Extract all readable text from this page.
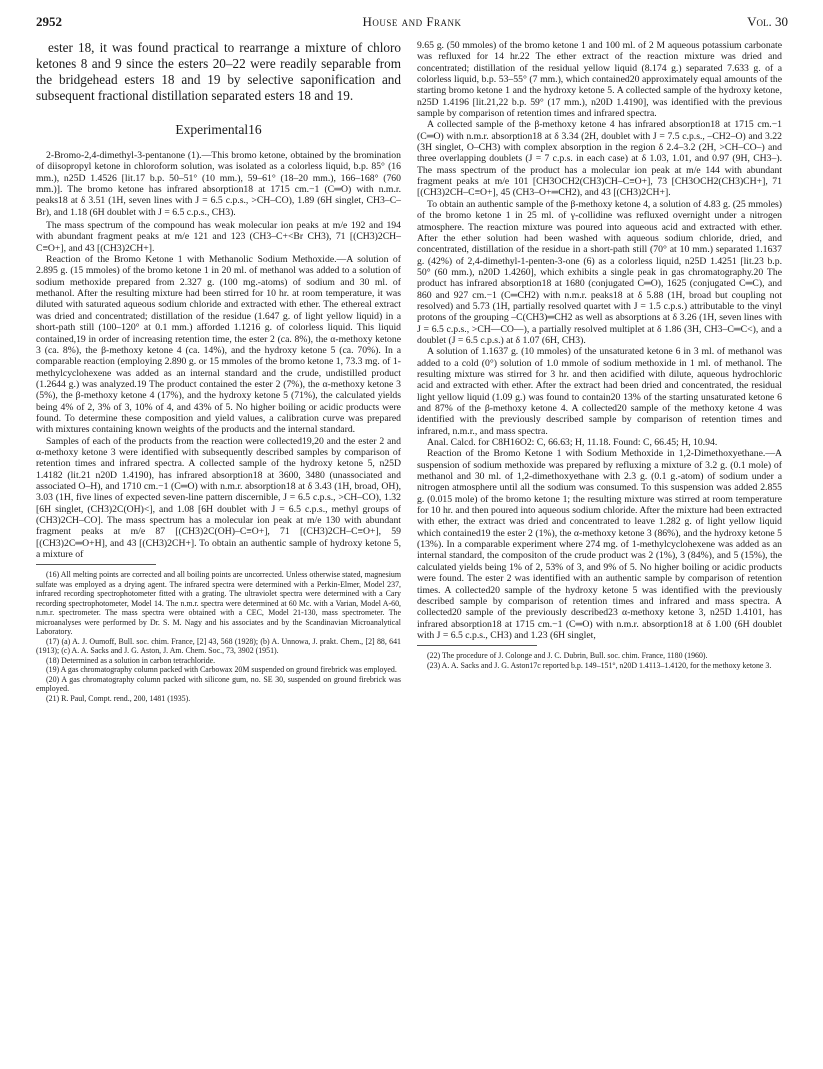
2952	House and Frank	Vol. 30

ester 18, it was found practical to rearrange a mixture of chloro ketones 8 and 9 since the esters 20–22 were readily separable from the bridgehead esters 18 and 19 by selective saponification and subsequent fractional distillation separated esters 18 and 19.

Experimental16

2-Bromo-2,4-dimethyl-3-pentanone (1).—This bromo ketone, obtained by the bromination of diisopropyl ketone in chloroform solution, was isolated as a colorless liquid, b.p. 85° (16 mm.), n25D 1.4526 [lit.17 b.p. 50–51° (10 mm.), 59–61° (18–20 mm.), 166–168° (760 mm.)]. The bromo ketone has infrared absorption18 at 1715 cm.−1 (C═O) with n.m.r. peaks18 at δ 3.51 (1H, seven lines with J = 6.5 c.p.s., >CH–CO), 1.89 (6H singlet, CH3–C–Br), and 1.18 (6H doublet with J = 6.5 c.p.s., CH3).

The mass spectrum of the compound has weak molecular ion peaks at m/e 192 and 194 with abundant fragment peaks at m/e 121 and 123 (CH3–C+<Br CH3), 71 [(CH3)2CH–C≡O+], and 43 [(CH3)2CH+].

Reaction of the Bromo Ketone 1 with Methanolic Sodium Methoxide.—A solution of 2.895 g. (15 mmoles) of the bromo ketone 1 in 20 ml. of methanol was added to a solution of sodium methoxide prepared from 2.327 g. (100 mg.-atoms) of sodium and 30 ml. of methanol. After the resulting mixture had been stirred for 10 hr. at room temperature, it was diluted with saturated aqueous sodium chloride and extracted with ether. The ethereal extract was dried and concentrated; distillation of the residue (1.647 g. of light yellow liquid) in a short-path still (100–120° at 0.1 mm.) afforded 1.1216 g. of colorless liquid. This liquid contained,19 in order of increasing retention time, the ester 2 (ca. 8%), the α-methoxy ketone 3 (ca. 8%), the β-methoxy ketone 4 (ca. 14%), and the hydroxy ketone 5 (ca. 70%). In a comparable reaction (employing 2.890 g. or 15 mmoles of the bromo ketone 1, 73.3 mg. of 1-methylcyclohexene was added as an internal standard and the crude, undistilled product (1.2644 g.) was analyzed.19 The product contained the ester 2 (7%), the α-methoxy ketone 3 (5%), the β-methoxy ketone 4 (17%), and the hydroxy ketone 5 (71%), the calculated yields being 4% of 2, 3% of 3, 10% of 4, and 43% of 5. No higher boiling or acidic products were found. To determine these composition and yield values, a calibration curve was prepared with mixtures containing known weights of the products and the internal standard.

Samples of each of the products from the reaction were collected19,20 and the ester 2 and α-methoxy ketone 3 were identified with subsequently described samples by comparison of retention times and infrared spectra. A collected sample of the hydroxy ketone 5, n25D 1.4182 (lit.21 n20D 1.4190), has infrared absorption18 at 3600, 3480 (unassociated and associated O–H), and 1710 cm.−1 (C═O) with n.m.r. absorption18 at δ 3.43 (1H, broad, OH), 3.03 (1H, five lines of expected seven-line pattern discernible, J = 6.5 c.p.s., >CH–CO), 1.32 [6H singlet, (CH3)2C(OH)<], and 1.08 [6H doublet with J = 6.5 c.p.s., methyl groups of (CH3)2CH–CO]. The mass spectrum has a molecular ion peak at m/e 130 with abundant fragment peaks at m/e 87 [(CH3)2C(OH)–C≡O+], 71 [(CH3)2CH–C≡O+], 59 [(CH3)2C═O+H], and 43 [(CH3)2CH+]. To obtain an authentic sample of hydroxy ketone 5, a mixture of

(16) All melting points are corrected and all boiling points are uncorrected. Unless otherwise stated, magnesium sulfate was employed as a drying agent. The infrared spectra were determined with a Perkin-Elmer, Model 237, infrared recording spectrophotometer fitted with a grating. The ultraviolet spectra were determined with a Cary recording spectrophotometer, Model 14. The n.m.r. spectra were determined at 60 Mc. with a Varian, Model A-60, n.m.r. spectrometer. The mass spectra were obtained with a CEC, Model 21-130, mass spectrometer. The microanalyses were performed by Dr. S. M. Nagy and his associates and by the Scandinavian Microanalytical Laboratory.

(17) (a) A. J. Oumoff, Bull. soc. chim. France, [2] 43, 568 (1928); (b) A. Unnowa, J. prakt. Chem., [2] 88, 641 (1913); (c) A. A. Sacks and J. G. Aston, J. Am. Chem. Soc., 73, 3902 (1951).

(18) Determined as a solution in carbon tetrachloride.

(19) A gas chromatography column packed with Carbowax 20M suspended on ground firebrick was employed.

(20) A gas chromatography column packed with silicone gum, no. SE 30, suspended on ground firebrick was employed.

(21) R. Paul, Compt. rend., 200, 1481 (1935).

9.65 g. (50 mmoles) of the bromo ketone 1 and 100 ml. of 2 M aqueous potassium carbonate was refluxed for 14 hr.22 The ether extract of the reaction mixture was dried and concentrated; distillation of the residual yellow liquid (8.174 g.) separated 7.633 g. of a colorless liquid, b.p. 53–55° (7 mm.), which contained20 approximately equal amounts of the starting bromo ketone 1 and the hydroxy ketone 5. A collected sample of the hydroxy ketone, n25D 1.4196 [lit.21,22 b.p. 59° (17 mm.), n20D 1.4190], was identified with the previous sample by comparison of retention times and infrared spectra.

A collected sample of the β-methoxy ketone 4 has infrared absorption18 at 1715 cm.−1 (C═O) with n.m.r. absorption18 at δ 3.34 (2H, doublet with J = 7.5 c.p.s., –CH2–O) and 3.22 (3H singlet, O–CH3) with complex absorption in the region δ 2.4–3.2 (2H, >CH–CO–) and three overlapping doublets (J = 7 c.p.s. in each case) at δ 1.03, 1.01, and 0.97 (9H, CH3–). The mass spectrum of the product has a molecular ion peak at m/e 144 with abundant fragment peaks at m/e 101 [CH3OCH2(CH3)CH–C≡O+], 73 [CH3OCH2(CH3)CH+], 71 [(CH3)2CH–C≡O+], 45 (CH3–O+═CH2), and 43 [(CH3)2CH+].

To obtain an authentic sample of the β-methoxy ketone 4, a solution of 4.83 g. (25 mmoles) of the bromo ketone 1 in 25 ml. of γ-collidine was refluxed overnight under a nitrogen atmosphere. The reaction mixture was poured into aqueous acid and extracted with ether. After the ether solution had been washed with aqueous sodium chloride, dried, and concentrated, distillation of the residue in a short-path still (70° at 10 mm.) separated 1.1637 g. (42%) of 2,4-dimethyl-1-penten-3-one (6) as a colorless liquid, n25D 1.4251 [lit.23 b.p. 50° (60 mm.), n20D 1.4260], which exhibits a single peak in gas chromatography.20 The product has infrared absorption18 at 1680 (conjugated C═O), 1625 (conjugated C═C), and 860 and 927 cm.−1 (C═CH2) with n.m.r. peaks18 at δ 5.88 (1H, broad but coupling not resolved) and 5.73 (1H, partially resolved quartet with J = 1.5 c.p.s.) attributable to the vinyl protons of the grouping –C(CH3)═CH2 as well as absorptions at δ 3.26 (1H, seven lines with J = 6.5 c.p.s., >CH—CO—), a partially resolved multiplet at δ 1.86 (3H, CH3–C═C<), and a doublet (J = 6.5 c.p.s.) at δ 1.07 (6H, CH3).

A solution of 1.1637 g. (10 mmoles) of the unsaturated ketone 6 in 3 ml. of methanol was added to a cold (0°) solution of 1.0 mmole of sodium methoxide in 1 ml. of methanol. The resulting mixture was stirred for 3 hr. and then acidified with dilute, aqueous hydrochloric acid and extracted with ether. After the extract had been dried and concentrated, the residual light yellow liquid (1.09 g.) was found to contain20 13% of the starting unsaturated ketone 6 and 87% of the β-methoxy ketone 4. A collected20 sample of the methoxy ketone 4 was identified with the previously described sample by comparison of retention times and infrared, n.m.r., and mass spectra.

Anal. Calcd. for C8H16O2: C, 66.63; H, 11.18. Found: C, 66.45; H, 10.94.

Reaction of the Bromo Ketone 1 with Sodium Methoxide in 1,2-Dimethoxyethane.—A suspension of sodium methoxide was prepared by refluxing a mixture of 3.2 g. (0.1 mole) of methanol and 30 ml. of 1,2-dimethoxyethane with 2.3 g. (0.1 g.-atom) of sodium under a nitrogen atmosphere until all the sodium was consumed. To this suspension was added 2.855 g. (0.015 mole) of the bromo ketone 1; the resulting mixture was stirred at room temperature for 10 hr. and then poured into aqueous sodium chloride. After the mixture had been extracted with ether, the extract was dried and concentrated to leave 1.282 g. of light yellow liquid which contained19 the ester 2 (1%), the α-methoxy ketone 3 (86%), and the hydroxy ketone 5 (13%). In a comparable experiment where 274 mg. of 1-methylcyclohexene was added as an internal standard, the compositon of the crude product was 2 (1%), 3 (84%), and 5 (15%), the calculated yields being 1% of 2, 53% of 3, and 9% of 5. No higher boiling or acidic products were found. The ester 2 was identified with an authentic sample by comparison of retention times. A collected20 sample of the hydroxy ketone 5 was identified with the previously described sample by comparison of retention times and infrared and mass spectra. A collected20 sample of the previously described23 α-methoxy ketone 3, n25D 1.4101, has infrared absorption18 at 1715 cm.−1 (C═O) with n.m.r. absorption18 at δ 1.00 (6H doublet with J = 6.5 c.p.s., CH3) and 1.23 (6H singlet,

(22) The procedure of J. Colonge and J. C. Dubrin, Bull. soc. chim. France, 1180 (1960).

(23) A. A. Sacks and J. G. Aston17c reported b.p. 149–151°, n20D 1.4113–1.4120, for the methoxy ketone 3.
